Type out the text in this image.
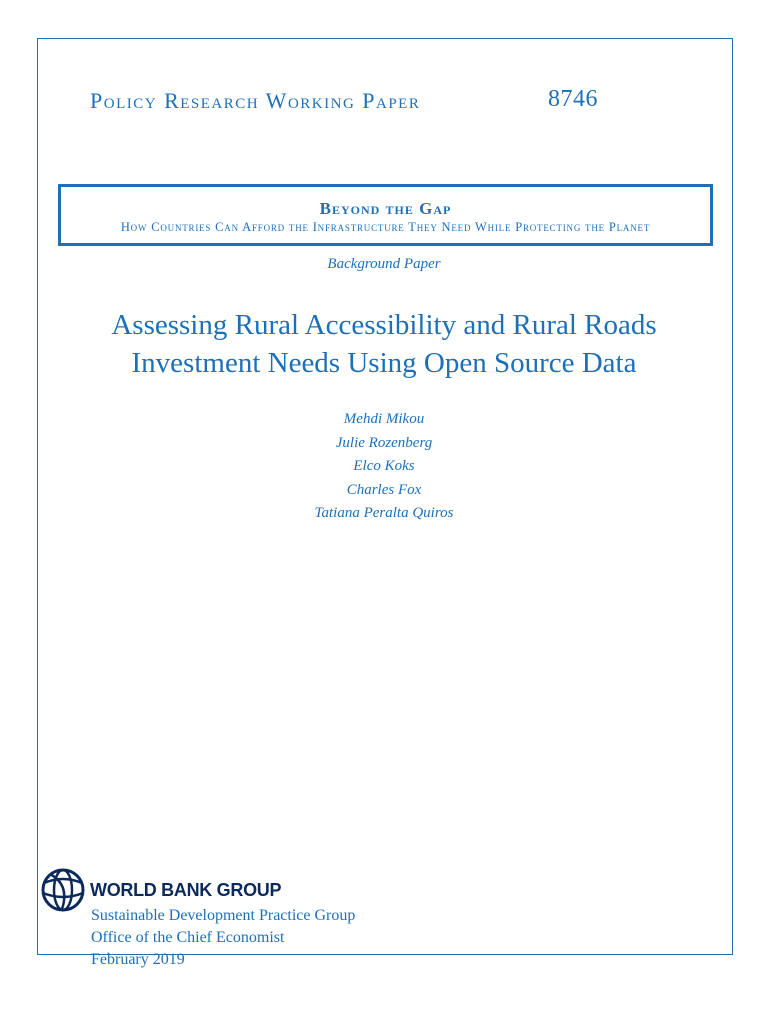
Policy Research Working Paper	8746
Beyond the Gap
How Countries Can Afford the Infrastructure They Need While Protecting the Planet
Background Paper
Assessing Rural Accessibility and Rural Roads
Investment Needs Using Open Source Data
Mehdi Mikou
Julie Rozenberg
Elco Koks
Charles Fox
Tatiana Peralta Quiros
WORLD BANK GROUP
Sustainable Development Practice Group
Office of the Chief Economist
February 2019
